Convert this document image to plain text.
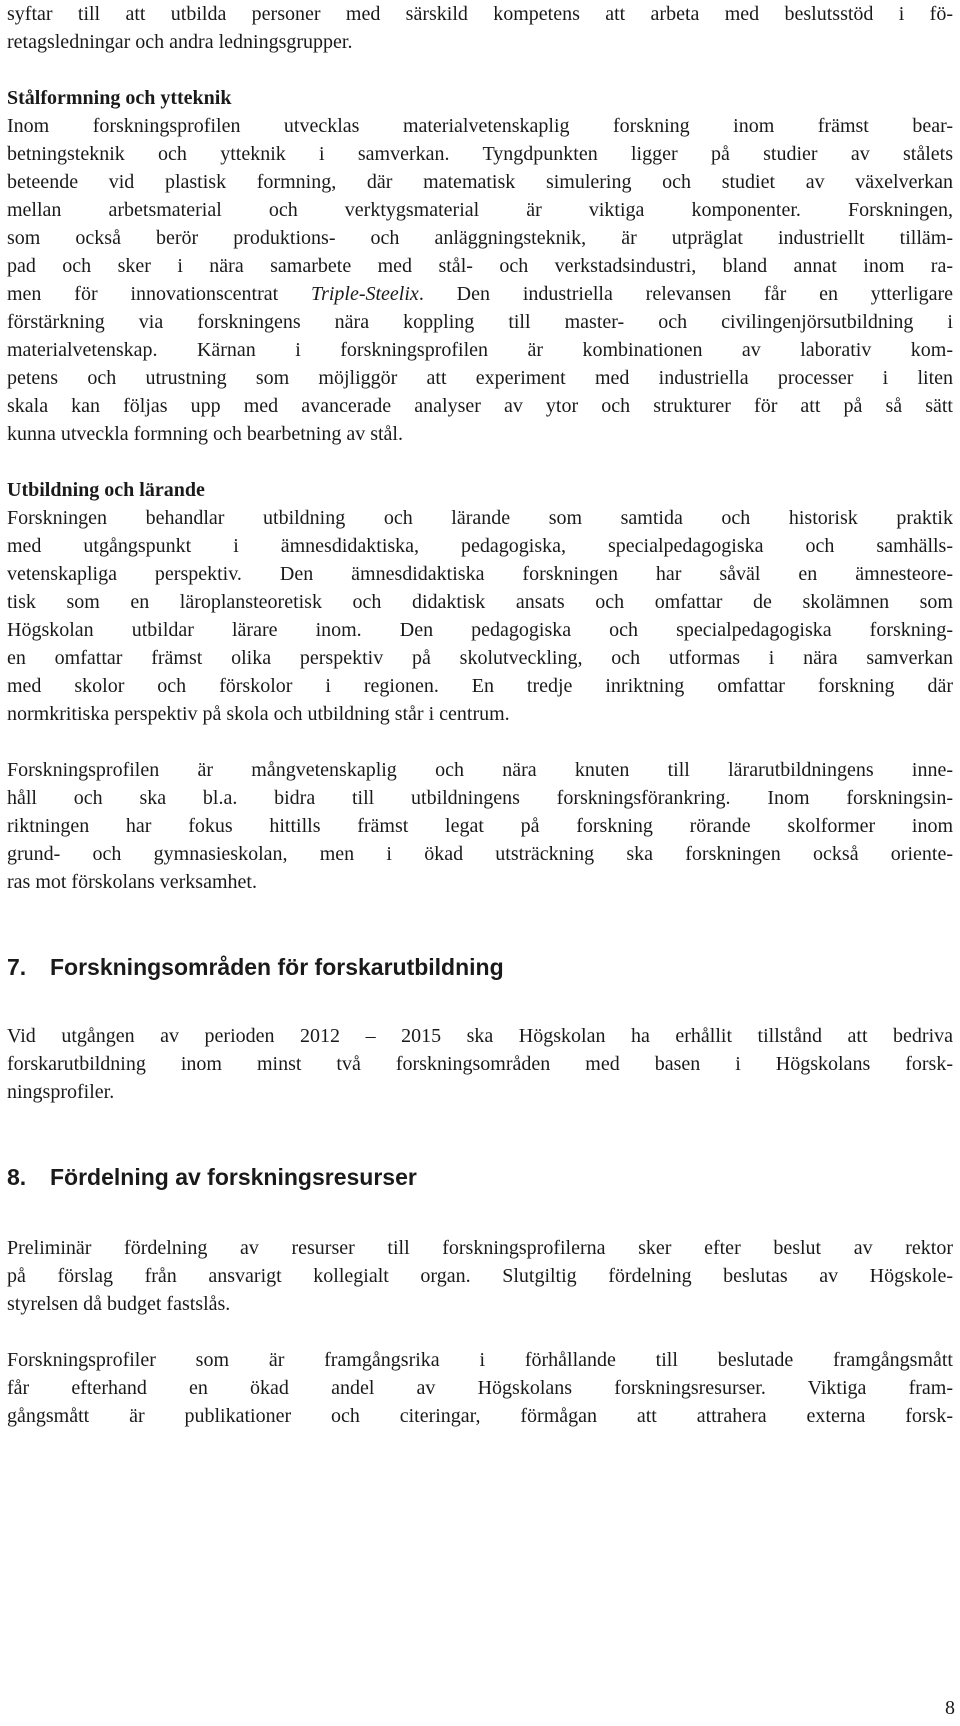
syftar till att utbilda personer med särskild kompetens att arbeta med beslutsstöd i fö-
retagsledningar och andra ledningsgrupper.
Stålformning och ytteknik
Inom forskningsprofilen utvecklas materialvetenskaplig forskning inom främst bear-
betningsteknik och ytteknik i samverkan. Tyngdpunkten ligger på studier av stålets
beteende vid plastisk formning, där matematisk simulering och studiet av växelverkan
mellan arbetsmaterial och verktygsmaterial är viktiga komponenter. Forskningen,
som också berör produktions- och anläggningsteknik, är utpräglat industriellt tilläm-
pad och sker i nära samarbete med stål- och verkstadsindustri, bland annat inom ra-
men för innovationscentrat Triple-Steelix. Den industriella relevansen får en ytterligare
förstärkning via forskningens nära koppling till master- och civilingenjörsutbildning i
materialvetenskap. Kärnan i forskningsprofilen är kombinationen av laborativ kom-
petens och utrustning som möjliggör att experiment med industriella processer i liten
skala kan följas upp med avancerade analyser av ytor och strukturer för att på så sätt
kunna utveckla formning och bearbetning av stål.
Utbildning och lärande
Forskningen behandlar utbildning och lärande som samtida och historisk praktik
med utgångspunkt i ämnesdidaktiska, pedagogiska, specialpedagogiska och samhälls-
vetenskapliga perspektiv. Den ämnesdidaktiska forskningen har såväl en ämnesteore-
tisk som en läroplansteoretisk och didaktisk ansats och omfattar de skolämnen som
Högskolan utbildar lärare inom. Den pedagogiska och specialpedagogiska forskning-
en omfattar främst olika perspektiv på skolutveckling, och utformas i nära samverkan
med skolor och förskolor i regionen. En tredje inriktning omfattar forskning där
normkritiska perspektiv på skola och utbildning står i centrum.
Forskningsprofilen är mångvetenskaplig och nära knuten till lärarutbildningens inne-
håll och ska bl.a. bidra till utbildningens forskningsförankring. Inom forskningsin-
riktningen har fokus hittills främst legat på forskning rörande skolformer inom
grund- och gymnasieskolan, men i ökad utsträckning ska forskningen också oriente-
ras mot förskolans verksamhet.
7. Forskningsområden för forskarutbildning
Vid utgången av perioden 2012 – 2015 ska Högskolan ha erhållit tillstånd att bedriva
forskarutbildning inom minst två forskningsområden med basen i Högskolans forsk-
ningsprofiler.
8. Fördelning av forskningsresurser
Preliminär fördelning av resurser till forskningsprofilerna sker efter beslut av rektor
på förslag från ansvarigt kollegialt organ. Slutgiltig fördelning beslutas av Högskole-
styrelsen då budget fastslås.
Forskningsprofiler som är framgångsrika i förhållande till beslutade framgångsmått
får efterhand en ökad andel av Högskolans forskningsresurser. Viktiga fram-
gångsmått är publikationer och citeringar, förmågan att attrahera externa forsk-
8
